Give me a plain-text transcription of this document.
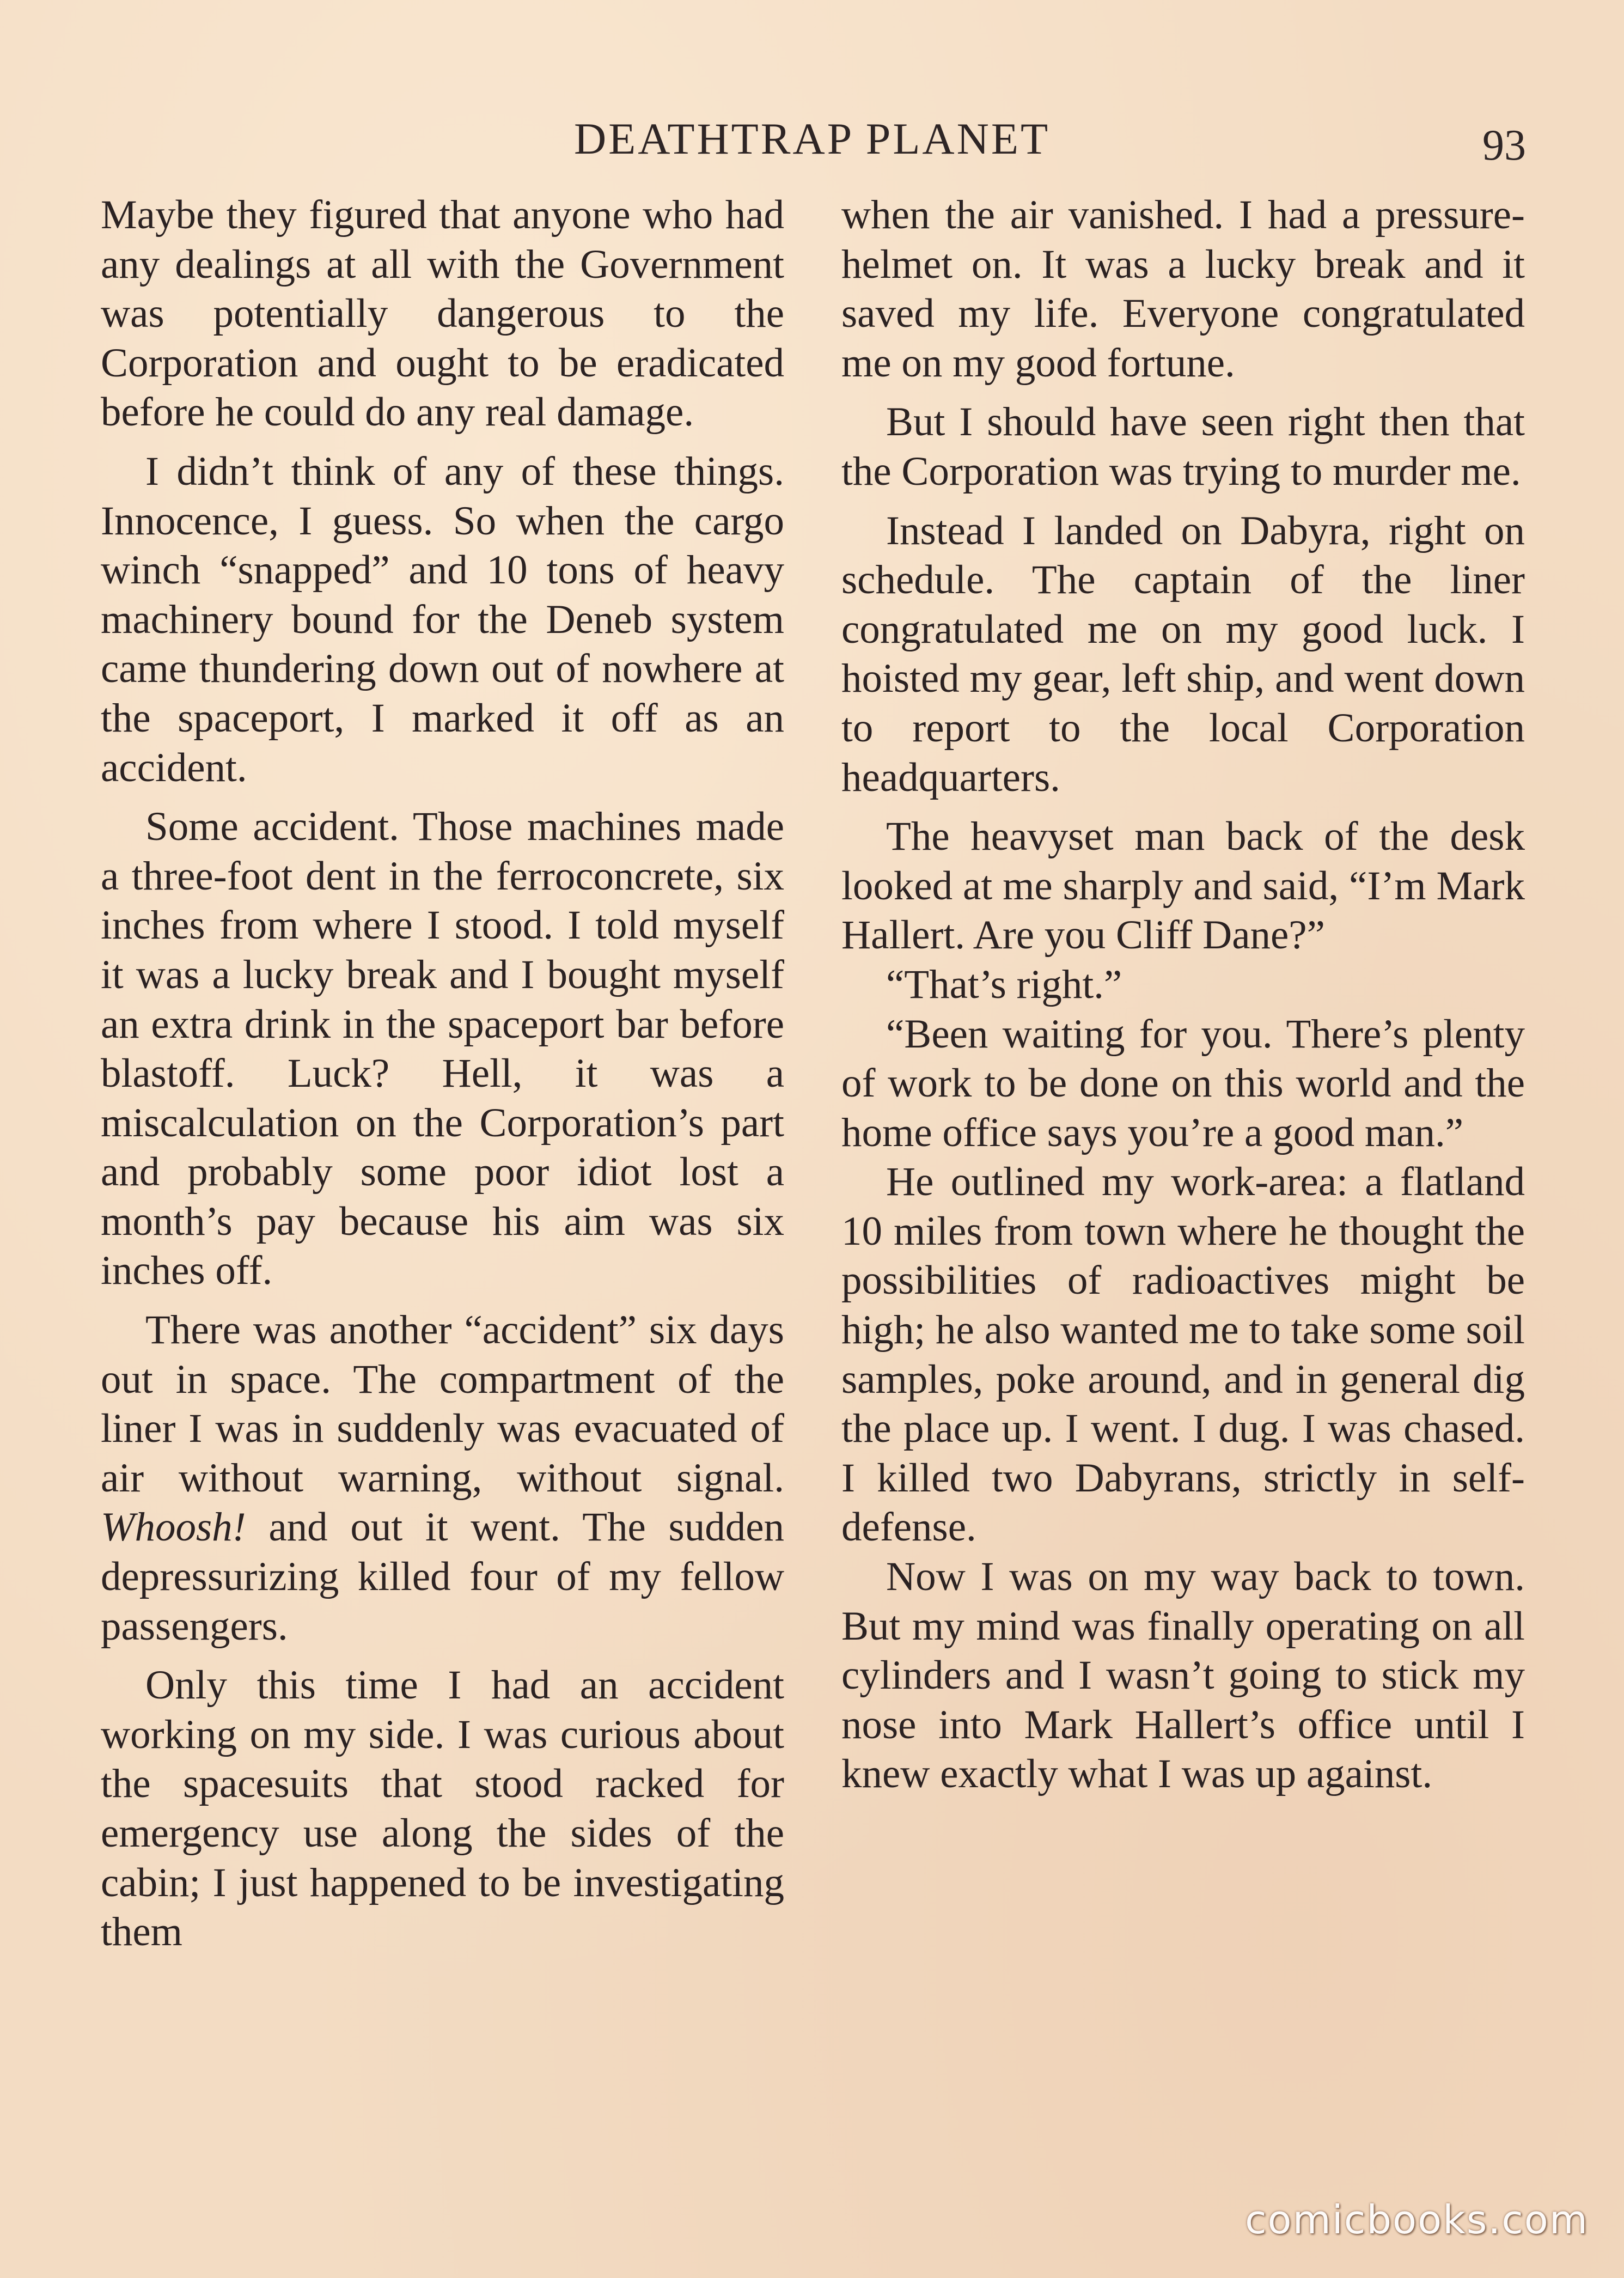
DEATHTRAP PLANET	93

Maybe they figured that anyone who had any dealings at all with the Government was potentially dangerous to the Corporation and ought to be eradicated before he could do any real damage.

I didn’t think of any of these things. Innocence, I guess. So when the cargo winch “snapped” and 10 tons of heavy machinery bound for the Deneb system came thundering down out of nowhere at the spaceport, I marked it off as an accident.

Some accident. Those machines made a three-foot dent in the ferroconcrete, six inches from where I stood. I told myself it was a lucky break and I bought myself an extra drink in the spaceport bar before blastoff. Luck? Hell, it was a miscalculation on the Corporation’s part and probably some poor idiot lost a month’s pay because his aim was six inches off.

There was another “accident” six days out in space. The compartment of the liner I was in suddenly was evacuated of air without warning, without signal. Whoosh! and out it went. The sudden depressurizing killed four of my fellow passengers.

Only this time I had an accident working on my side. I was curious about the spacesuits that stood racked for emergency use along the sides of the cabin; I just happened to be investigating them

when the air vanished. I had a pressure-helmet on. It was a lucky break and it saved my life. Everyone congratulated me on my good fortune.

But I should have seen right then that the Corporation was trying to murder me.

Instead I landed on Dabyra, right on schedule. The captain of the liner congratulated me on my good luck. I hoisted my gear, left ship, and went down to report to the local Corporation headquarters.

The heavyset man back of the desk looked at me sharply and said, “I’m Mark Hallert. Are you Cliff Dane?”

“That’s right.”

“Been waiting for you. There’s plenty of work to be done on this world and the home office says you’re a good man.”

He outlined my work-area: a flatland 10 miles from town where he thought the possibilities of radioactives might be high; he also wanted me to take some soil samples, poke around, and in general dig the place up. I went. I dug. I was chased. I killed two Dabyrans, strictly in self-defense.

Now I was on my way back to town. But my mind was finally operating on all cylinders and I wasn’t going to stick my nose into Mark Hallert’s office until I knew exactly what I was up against.

comicbooks.com
